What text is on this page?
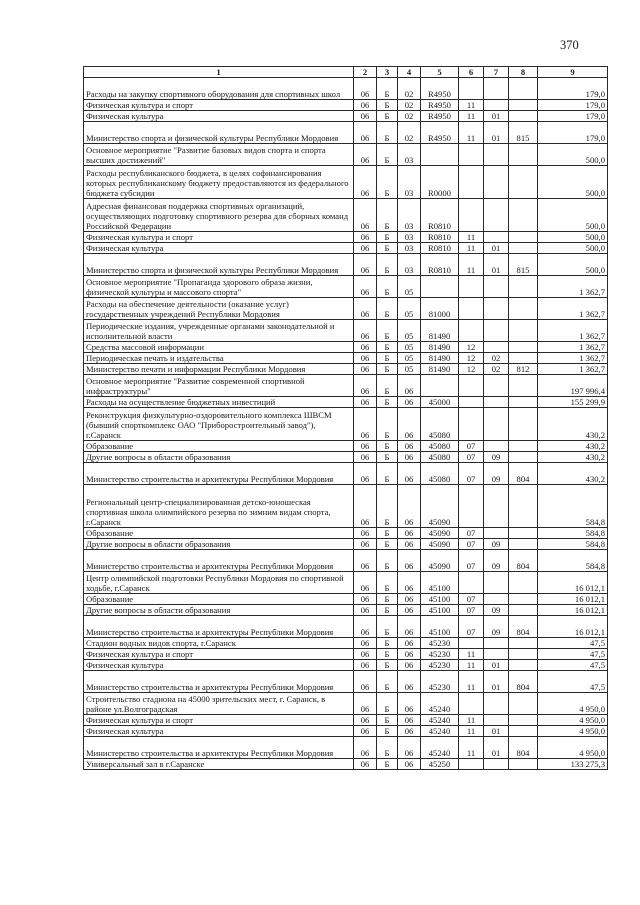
370
1	2	3	4	5	6	7	8	9
Расходы на закупку спортивного оборудования для спортивных школ	06	Б	02	R4950				179,0
Физическая культура и спорт	06	Б	02	R4950	11			179,0
Физическая культура	06	Б	02	R4950	11	01		179,0
Министерство спорта и физической культуры Республики Мордовия	06	Б	02	R4950	11	01	815	179,0
Основное мероприятие "Развитие базовых видов спорта и спорта высших достижений"	06	Б	03					500,0
Расходы республиканского бюджета, в целях софинансирования которых республиканскому бюджету предоставляются из федерального бюджета субсидии	06	Б	03	R0000				500,0
Адресная финансовая поддержка спортивных организаций, осуществляющих подготовку спортивного резерва для сборных команд Российской Федерации	06	Б	03	R0810				500,0
Физическая культура и спорт	06	Б	03	R0810	11			500,0
Физическая культура	06	Б	03	R0810	11	01		500,0
Министерство спорта и физической культуры Республики Мордовия	06	Б	03	R0810	11	01	815	500,0
Основное мероприятие "Пропаганда здорового образа жизни, физической культуры и массового спорта"	06	Б	05					1 362,7
Расходы на обеспечение деятельности (оказание услуг) государственных учреждений Республики Мордовия	06	Б	05	81000				1 362,7
Периодические издания, учрежденные органами законодательной и исполнительной власти	06	Б	05	81490				1 362,7
Средства массовой информации	06	Б	05	81490	12			1 362,7
Периодическая печать и издательства	06	Б	05	81490	12	02		1 362,7
Министерство печати и информации Республики Мордовия	06	Б	05	81490	12	02	812	1 362,7
Основное мероприятие "Развитие современной спортивной инфраструктуры"	06	Б	06					197 996,4
Расходы на осуществление бюджетных инвестиций	06	Б	06	45000				155 299,9
Реконструкция физкультурно-оздоровительного комплекса ШВСМ (бывший спорткомплекс ОАО "Приборостроительный завод"), г.Саранск	06	Б	06	45080				430,2
Образование	06	Б	06	45080	07			430,2
Другие вопросы в области образования	06	Б	06	45080	07	09		430,2
Министерство строительства и архитектуры Республики Мордовия	06	Б	06	45080	07	09	804	430,2
Региональный центр-специализированная детско-юношеская спортивная школа олимпийского резерва по зимним видам спорта, г.Саранск	06	Б	06	45090				584,8
Образование	06	Б	06	45090	07			584,8
Другие вопросы в области образования	06	Б	06	45090	07	09		584,8
Министерство строительства и архитектуры Республики Мордовия	06	Б	06	45090	07	09	804	584,8
Центр олимпийской подготовки Республики Мордовия по спортивной ходьбе, г.Саранск	06	Б	06	45100				16 012,1
Образование	06	Б	06	45100	07			16 012,1
Другие вопросы в области образования	06	Б	06	45100	07	09		16 012,1
Министерство строительства и архитектуры Республики Мордовия	06	Б	06	45100	07	09	804	16 012,1
Стадион водных видов спорта, г.Саранск	06	Б	06	45230				47,5
Физическая культура и спорт	06	Б	06	45230	11			47,5
Физическая культура	06	Б	06	45230	11	01		47,5
Министерство строительства и архитектуры Республики Мордовия	06	Б	06	45230	11	01	804	47,5
Строительство стадиона на 45000 зрительских мест, г. Саранск, в районе ул.Волгоградская	06	Б	06	45240				4 950,0
Физическая культура и спорт	06	Б	06	45240	11			4 950,0
Физическая культура	06	Б	06	45240	11	01		4 950,0
Министерство строительства и архитектуры Республики Мордовия	06	Б	06	45240	11	01	804	4 950,0
Универсальный зал в г.Саранске	06	Б	06	45250				133 275,3
